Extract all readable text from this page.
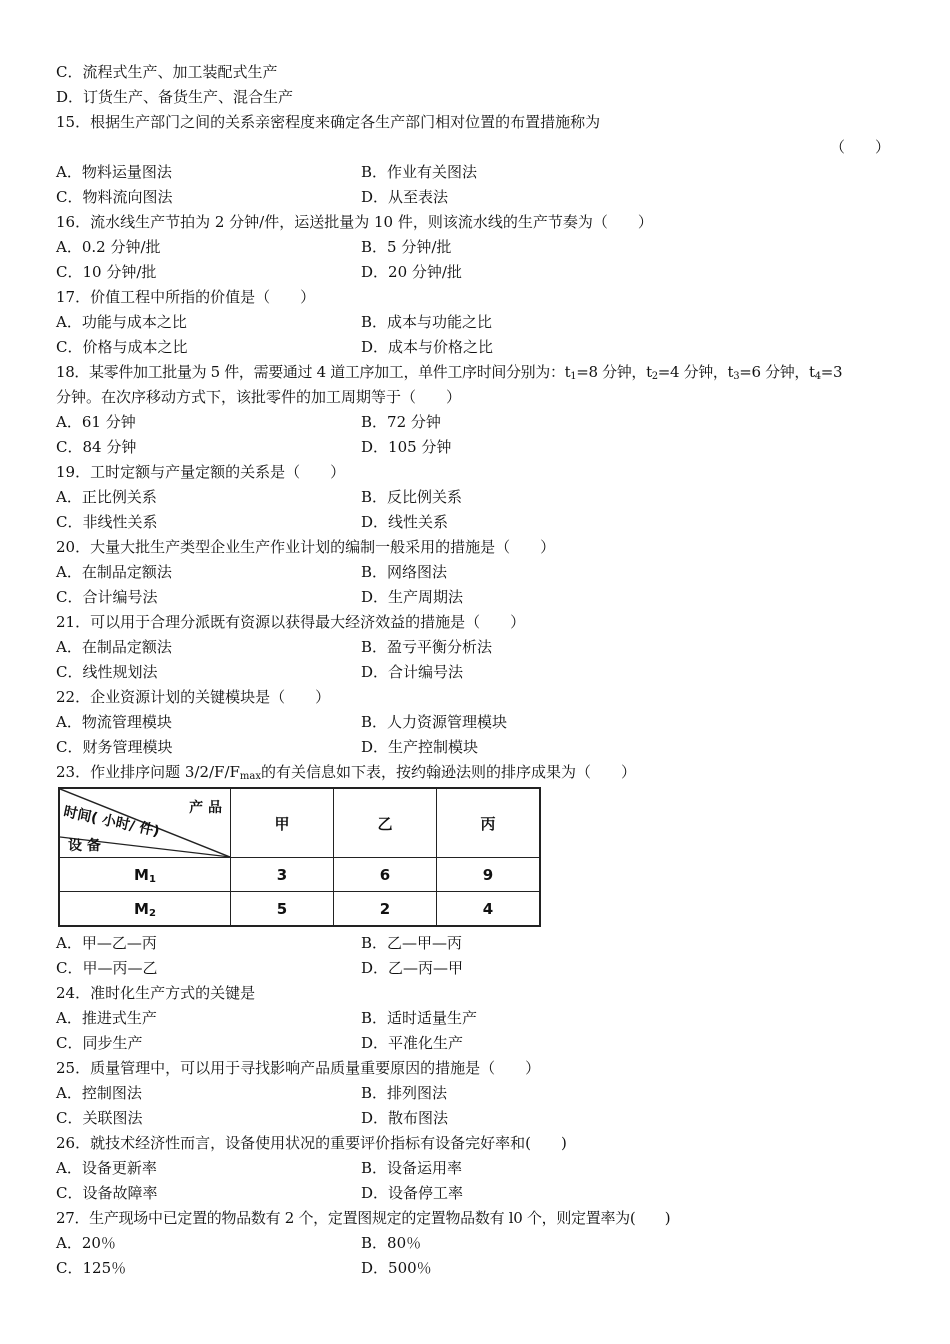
C．流程式生产、加工装配式生产
D．订货生产、备货生产、混合生产
15．根据生产部门之间的关系亲密程度来确定各生产部门相对位置的布置措施称为
（　　）
A．物料运量图法	B．作业有关图法
C．物料流向图法	D．从至表法
16．流水线生产节拍为 2 分钟/件，运送批量为 10 件，则该流水线的生产节奏为（　　）
A．0.2 分钟/批	B．5 分钟/批
C．10 分钟/批	D．20 分钟/批
17．价值工程中所指的价值是（　　）
A．功能与成本之比	B．成本与功能之比
C．价格与成本之比	D．成本与价格之比
18．某零件加工批量为 5 件，需要通过 4 道工序加工，单件工序时间分别为：$t_1=8$ 分钟，$t_2=4$ 分钟，$t_3=6$ 分钟，$t_4=3$
分钟。在次序移动方式下，该批零件的加工周期等于（　　）
A．61 分钟	B．72 分钟
C．84 分钟	D．105 分钟
19．工时定额与产量定额的关系是（　　）
A．正比例关系	B．反比例关系
C．非线性关系	D．线性关系
20．大量大批生产类型企业生产作业计划的编制一般采用的措施是（　　）
A．在制品定额法	B．网络图法
C．合计编号法	D．生产周期法
21．可以用于合理分派既有资源以获得最大经济效益的措施是（　　）
A．在制品定额法	B．盈亏平衡分析法
C．线性规划法	D．合计编号法
22．企业资源计划的关键模块是（　　）
A．物流管理模块	B．人力资源管理模块
C．财务管理模块	D．生产控制模块
23．作业排序问题 $3/2/F/F_{max}$的有关信息如下表，按约翰逊法则的排序成果为（　　）
产 品
时间( 小时/ 件)
设 备	甲	乙	丙
$M_1$	3	6	9
$M_2$	5	2	4
A．甲—乙—丙	B．乙—甲—丙
C．甲—丙—乙	D．乙—丙—甲
24．准时化生产方式的关键是
A．推进式生产	B．适时适量生产
C．同步生产	D．平准化生产
25．质量管理中，可以用于寻找影响产品质量重要原因的措施是（　　）
A．控制图法	B．排列图法
C．关联图法	D．散布图法
26．就技术经济性而言，设备使用状况的重要评价指标有设备完好率和(　　)
A．设备更新率	B．设备运用率
C．设备故障率	D．设备停工率
27．生产现场中已定置的物品数有 2 个，定置图规定的定置物品数有 l0 个，则定置率为(　　)
A．20％	B．80％
C．125％	D．500％
